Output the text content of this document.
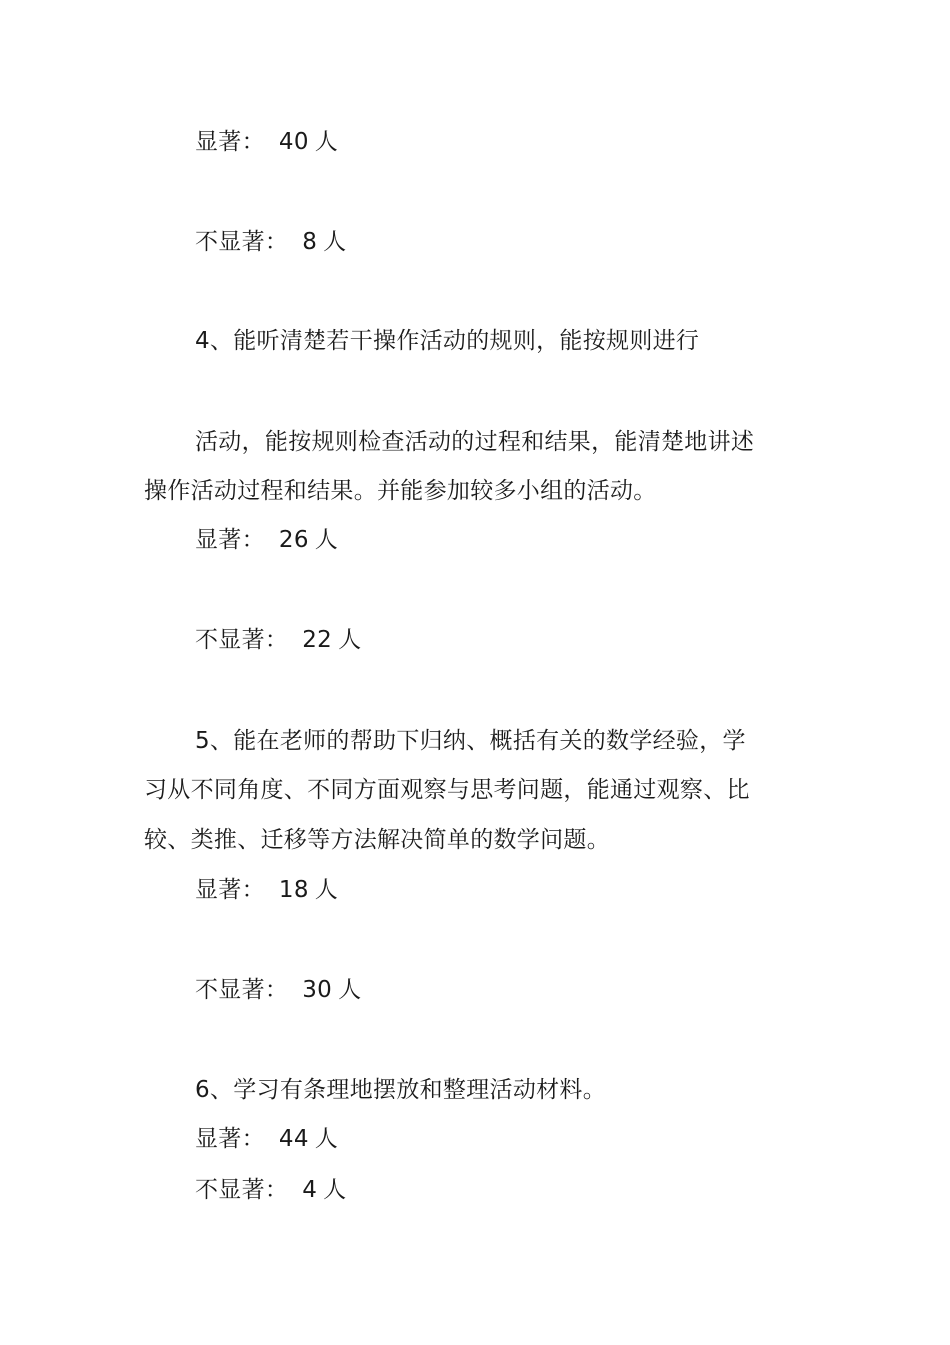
显著： 40 人
不显著： 8 人
4、能听清楚若干操作活动的规则，能按规则进行
活动，能按规则检查活动的过程和结果，能清楚地讲述
操作活动过程和结果。并能参加较多小组的活动。
显著： 26 人
不显著： 22 人
5、能在老师的帮助下归纳、概括有关的数学经验，学
习从不同角度、不同方面观察与思考问题，能通过观察、比
较、类推、迁移等方法解决简单的数学问题。
显著： 18 人
不显著： 30 人
6、学习有条理地摆放和整理活动材料。
显著： 44 人
不显著： 4 人
